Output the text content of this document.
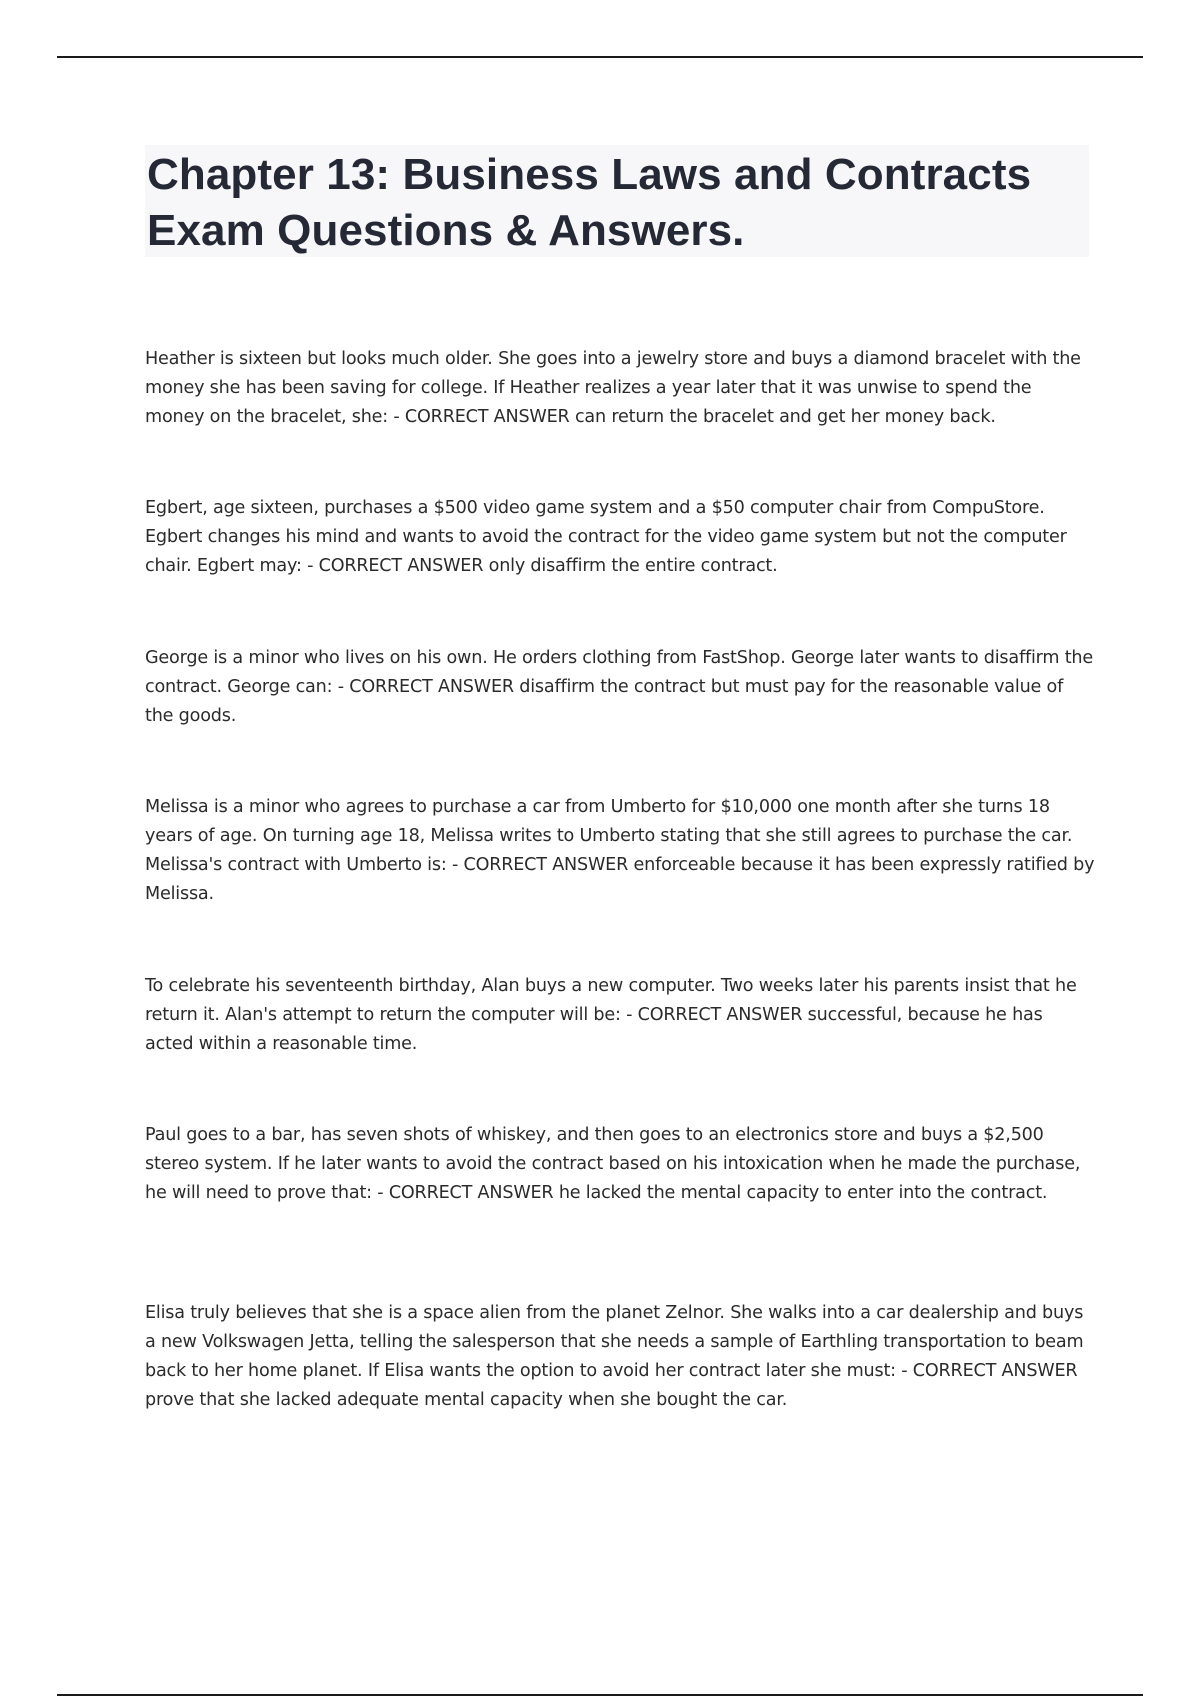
Chapter 13: Business Laws and Contracts Exam Questions & Answers.

Heather is sixteen but looks much older. She goes into a jewelry store and buys a diamond bracelet with the money she has been saving for college. If Heather realizes a year later that it was unwise to spend the money on the bracelet, she: - CORRECT ANSWER can return the bracelet and get her money back.

Egbert, age sixteen, purchases a $500 video game system and a $50 computer chair from CompuStore. Egbert changes his mind and wants to avoid the contract for the video game system but not the computer chair. Egbert may: - CORRECT ANSWER only disaffirm the entire contract.

George is a minor who lives on his own. He orders clothing from FastShop. George later wants to disaffirm the contract. George can: - CORRECT ANSWER disaffirm the contract but must pay for the reasonable value of the goods.

Melissa is a minor who agrees to purchase a car from Umberto for $10,000 one month after she turns 18 years of age. On turning age 18, Melissa writes to Umberto stating that she still agrees to purchase the car. Melissa's contract with Umberto is: - CORRECT ANSWER enforceable because it has been expressly ratified by Melissa.

To celebrate his seventeenth birthday, Alan buys a new computer. Two weeks later his parents insist that he return it. Alan's attempt to return the computer will be: - CORRECT ANSWER successful, because he has acted within a reasonable time.

Paul goes to a bar, has seven shots of whiskey, and then goes to an electronics store and buys a $2,500 stereo system. If he later wants to avoid the contract based on his intoxication when he made the purchase, he will need to prove that: - CORRECT ANSWER he lacked the mental capacity to enter into the contract.

Elisa truly believes that she is a space alien from the planet Zelnor. She walks into a car dealership and buys a new Volkswagen Jetta, telling the salesperson that she needs a sample of Earthling transportation to beam back to her home planet. If Elisa wants the option to avoid her contract later she must: - CORRECT ANSWER prove that she lacked adequate mental capacity when she bought the car.
